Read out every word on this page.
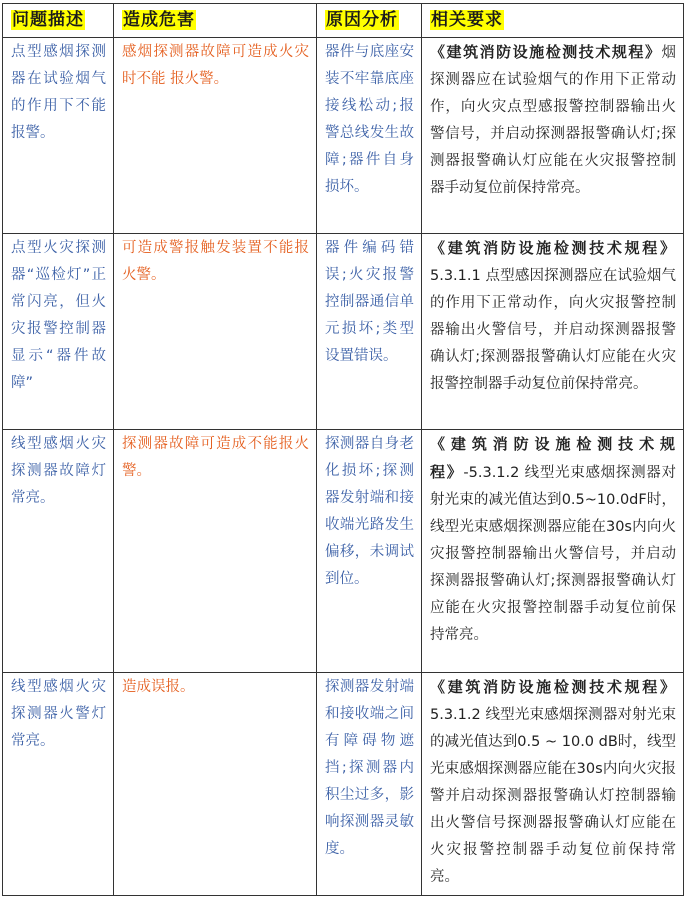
问题描述	造成危害	原因分析	相关要求
点型感烟探测器在试验烟气的作用下不能报警。	感烟探测器故障可造成火灾时不能 报火警。	器件与底座安装不牢靠底座接线松动;报警总线发生故障;器件自身损坏。	《建筑消防设施检测技术规程》烟探测器应在试验烟气的作用下正常动作，向火灾点型感报警控制器输出火警信号，并启动探测器报警确认灯;探测器报警确认灯应能在火灾报警控制器手动复位前保持常亮。
点型火灾探测器“巡检灯”正常闪亮，但火灾报警控制器显示“器件故障”	可造成警报触发装置不能报火警。	器件编码错误;火灾报警控制器通信单元损坏;类型设置错误。	《建筑消防设施检测技术规程》  5.3.1.1 点型感因探测器应在试验烟气的作用下正常动作，向火灾报警控制器输出火警信号，并启动探测器报警确认灯;探测器报警确认灯应能在火灾报警控制器手动复位前保持常亮。
线型感烟火灾探测器故障灯常亮。	探测器故障可造成不能报火警。	探测器自身老化损坏;探测器发射端和接收端光路发生偏移，未调试到位。	《建筑消防设施检测技术规程》-5.3.1.2 线型光束感烟探测器对射光束的减光值达到0.5~10.0dF时，线型光束感烟探测器应能在30s内向火灾报警控制器输出火警信号，并启动探测器报警确认灯;探测器报警确认灯应能在火灾报警控制器手动复位前保持常亮。
线型感烟火灾探测器火警灯常亮。	造成误报。	探测器发射端和接收端之间有障碍物遮挡;探测器内积尘过多，影响探测器灵敏度。	《建筑消防设施检测技术规程》5.3.1.2 线型光束感烟探测器对射光束的减光值达到0.5 ~ 10.0 dB时，线型光束感烟探测器应能在30s内向火灾报警并启动探测器报警确认灯控制器输出火警信号探测器报警确认灯应能在火灾报警控制器手动复位前保持常亮。
